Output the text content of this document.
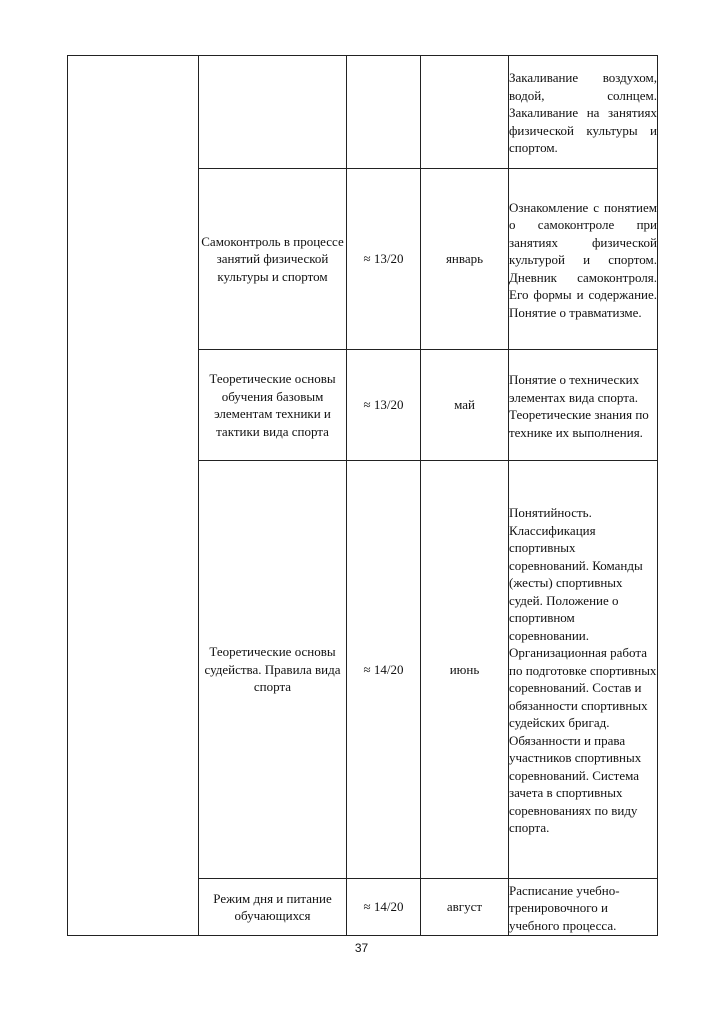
				Закаливание воздухом, водой, солнцем. Закаливание на занятиях физической культуры и спортом.

	Самоконтроль в процессе занятий физической культуры и спортом	≈ 13/20	январь	Ознакомление с понятием о самоконтроле при занятиях физической культурой и спортом. Дневник самоконтроля. Его формы и содержание. Понятие о травматизме.

	Теоретические основы обучения базовым элементам техники и тактики вида спорта	≈ 13/20	май	Понятие о технических элементах вида спорта. Теоретические знания по технике их выполнения.

	Теоретические основы судейства. Правила вида спорта	≈ 14/20	июнь	Понятийность. Классификация спортивных соревнований. Команды (жесты) спортивных судей. Положение о спортивном соревновании. Организационная работа по подготовке спортивных соревнований. Состав и обязанности спортивных судейских бригад. Обязанности и права участников спортивных соревнований. Система зачета в спортивных соревнованиях по виду спорта.

	Режим дня и питание обучающихся	≈ 14/20	август	Расписание учебно-тренировочного и учебного процесса.
37
